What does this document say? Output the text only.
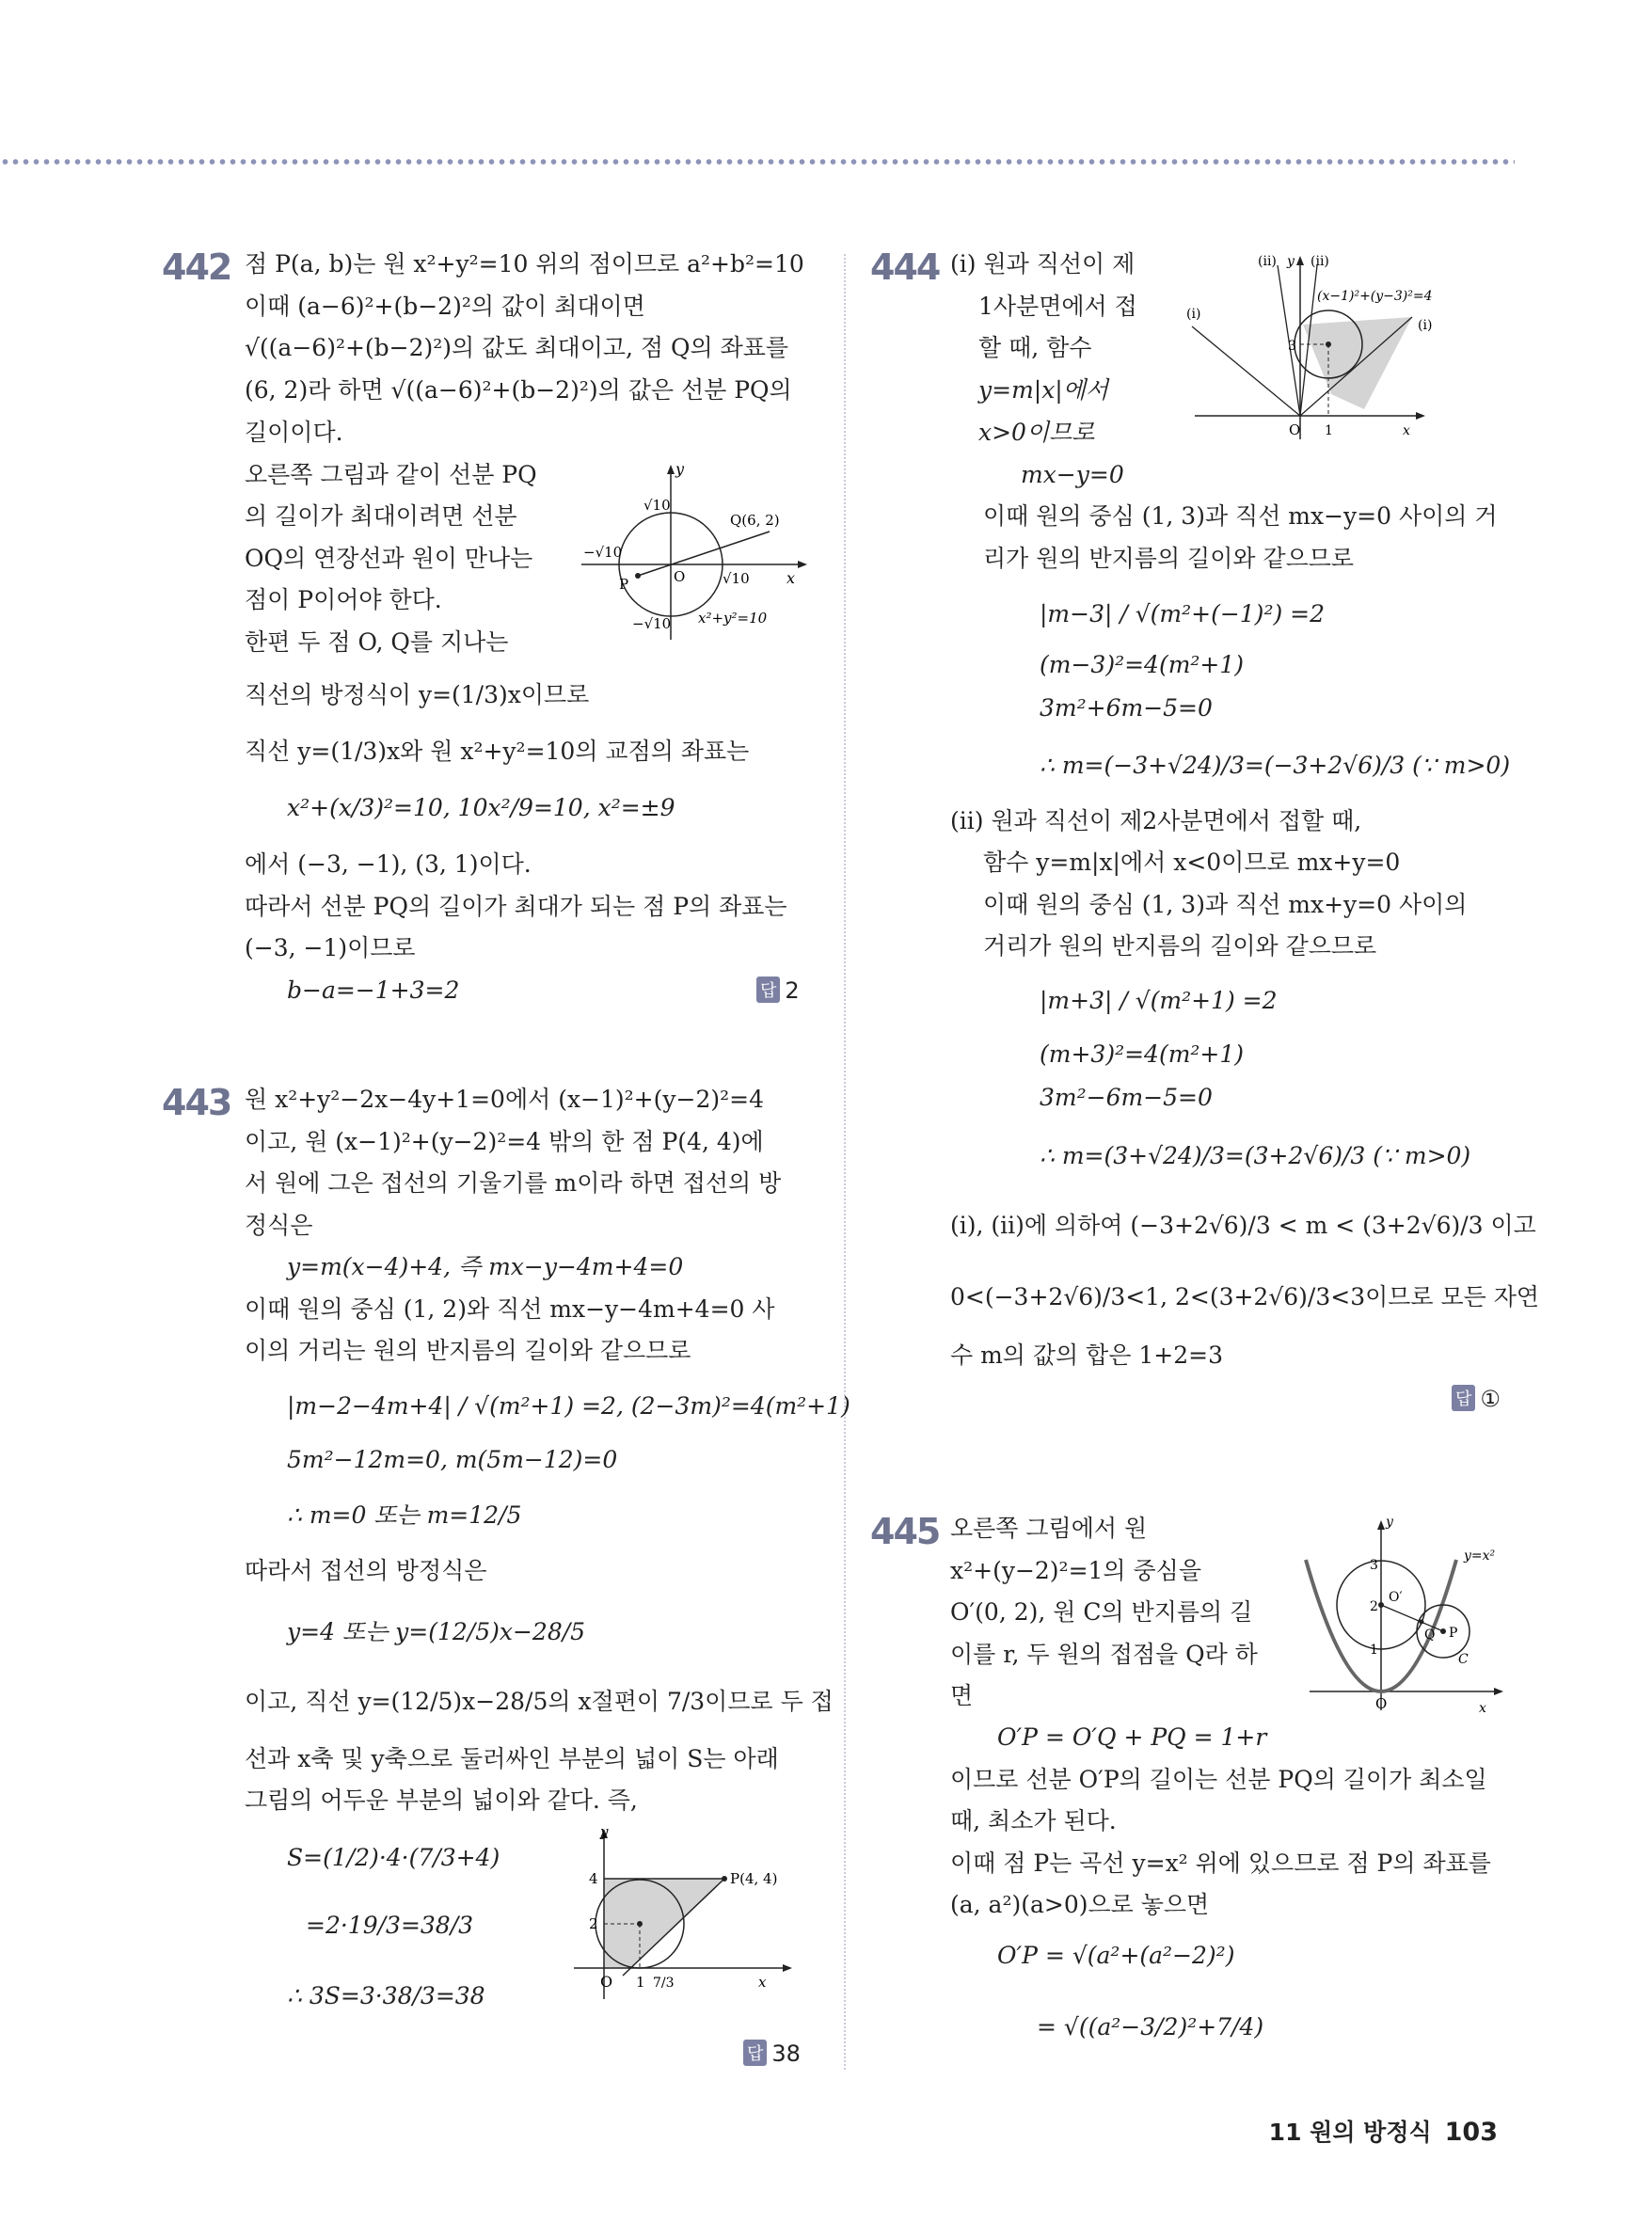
442 점 P(a, b)는 원 x²+y²=10 위의 점이므로 a²+b²=10
이때 (a−6)²+(b−2)²의 값이 최대이면
√((a−6)²+(b−2)²)의 값도 최대이고, 점 Q의 좌표를
(6, 2)라 하면 √((a−6)²+(b−2)²)의 값은 선분 PQ의
길이이다.
오른쪽 그림과 같이 선분 PQ
의 길이가 최대이려면 선분
OQ의 연장선과 원이 만나는
점이 P이어야 한다.
한편 두 점 O, Q를 지나는
직선의 방정식이 y=(1/3)x이므로
직선 y=(1/3)x와 원 x²+y²=10의 교점의 좌표는
x²+(x/3)²=10, 10x²/9=10, x²=±9
에서 (−3, −1), (3, 1)이다.
따라서 선분 PQ의 길이가 최대가 되는 점 P의 좌표는
(−3, −1)이므로
b−a=−1+3=2	답 2
y
x
√10
−√10
−√10
√10
Q(6, 2)
P	O
x²+y²=10
443 원 x²+y²−2x−4y+1=0에서 (x−1)²+(y−2)²=4
이고, 원 (x−1)²+(y−2)²=4 밖의 한 점 P(4, 4)에
서 원에 그은 접선의 기울기를 m이라 하면 접선의 방
정식은
y=m(x−4)+4, 즉 mx−y−4m+4=0
이때 원의 중심 (1, 2)와 직선 mx−y−4m+4=0 사
이의 거리는 원의 반지름의 길이와 같으므로
|m−2−4m+4| / √(m²+1) =2, (2−3m)²=4(m²+1)
5m²−12m=0, m(5m−12)=0
∴ m=0 또는 m=12/5
따라서 접선의 방정식은
y=4 또는 y=(12/5)x−28/5
이고, 직선 y=(12/5)x−28/5의 x절편이 7/3이므로 두 접
선과 x축 및 y축으로 둘러싸인 부분의 넓이 S는 아래
그림의 어두운 부분의 넓이와 같다. 즉,
S=(1/2)·4·(7/3+4)
=2·19/3=38/3
∴ 3S=3·38/3=38
답 38
y
x
4
2
O 1 7/3
P(4, 4)
444 (i) 원과 직선이 제
1사분면에서 접
할 때, 함수
y=m|x|에서
x>0이므로
mx−y=0
이때 원의 중심 (1, 3)과 직선 mx−y=0 사이의 거
리가 원의 반지름의 길이와 같으므로
|m−3| / √(m²+(−1)²) =2
(m−3)²=4(m²+1)
3m²+6m−5=0
∴ m=(−3+√24)/3=(−3+2√6)/3 (∵ m>0)
(ii) 원과 직선이 제2사분면에서 접할 때,
함수 y=m|x|에서 x<0이므로 mx+y=0
이때 원의 중심 (1, 3)과 직선 mx+y=0 사이의
거리가 원의 반지름의 길이와 같으므로
|m+3| / √(m²+1) =2
(m+3)²=4(m²+1)
3m²−6m−5=0
∴ m=(3+√24)/3=(3+2√6)/3 (∵ m>0)
(i), (ii)에 의하여 (−3+2√6)/3 < m < (3+2√6)/3 이고
0<(−3+2√6)/3<1, 2<(3+2√6)/3<3이므로 모든 자연
수 m의 값의 합은 1+2=3
답 ①
(ii) y (ii)
(x−1)²+(y−3)²=4
(i)
(i)
3
O 1	x
445 오른쪽 그림에서 원
x²+(y−2)²=1의 중심을
O′(0, 2), 원 C의 반지름의 길
이를 r, 두 원의 접점을 Q라 하
면
O′P = O′Q + PQ = 1+r
이므로 선분 O′P의 길이는 선분 PQ의 길이가 최소일
때, 최소가 된다.
이때 점 P는 곡선 y=x² 위에 있으므로 점 P의 좌표를
(a, a²)(a>0)으로 놓으면
O′P = √(a²+(a²−2)²)
= √((a²−3/2)²+7/4)
y
x
y=x²
3
2
1
O
O′
Q P
C
11 원의 방정식 103
